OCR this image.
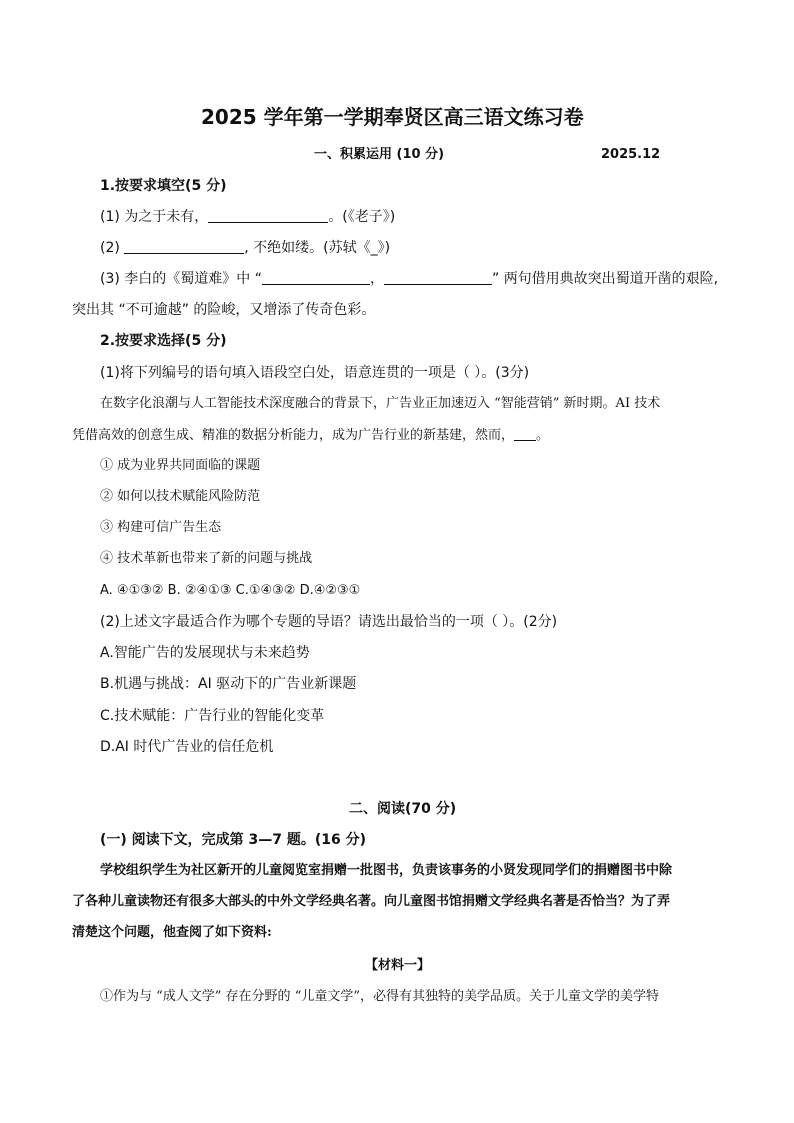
2025 学年第一学期奉贤区高三语文练习卷
一、积累运用 (10 分)	2025.12
1.按要求填空(5 分)
(1) 为之于未有，	。(《老子》)
(2)	, 不绝如缕。(苏轼《_》)
(3) 李白的《蜀道难》中 “	，	” 两句借用典故突出蜀道开凿的艰险,
突出其 “不可逾越” 的险峻，又增添了传奇色彩。
2.按要求选择(5 分)
(1)将下列编号的语句填入语段空白处，语意连贯的一项是（ ）。(3分)
在数字化浪潮与人工智能技术深度融合的背景下，广告业正加速迈入 “智能营销” 新时期。AI 技术
凭借高效的创意生成、精准的数据分析能力，成为广告行业的新基建，然而， 。
① 成为业界共同面临的课题
② 如何以技术赋能风险防范
③ 构建可信广告生态
④ 技术革新也带来了新的问题与挑战
A. ④①③② B. ②④①③ C.①④③② D.④②③①
(2)上述文字最适合作为哪个专题的导语？请选出最恰当的一项（ ）。(2分)
A.智能广告的发展现状与未来趋势
B.机遇与挑战：AI 驱动下的广告业新课题
C.技术赋能：广告行业的智能化变革
D.AI 时代广告业的信任危机
二、阅读(70 分)
(一) 阅读下文，完成第 3—7 题。(16 分)
学校组织学生为社区新开的儿童阅览室捐赠一批图书，负责该事务的小贤发现同学们的捐赠图书中除
了各种儿童读物还有很多大部头的中外文学经典名著。向儿童图书馆捐赠文学经典名著是否恰当？为了弄
清楚这个问题，他查阅了如下资料:
【材料一】
①作为与 “成人文学” 存在分野的 “儿童文学”，必得有其独特的美学品质。关于儿童文学的美学特
